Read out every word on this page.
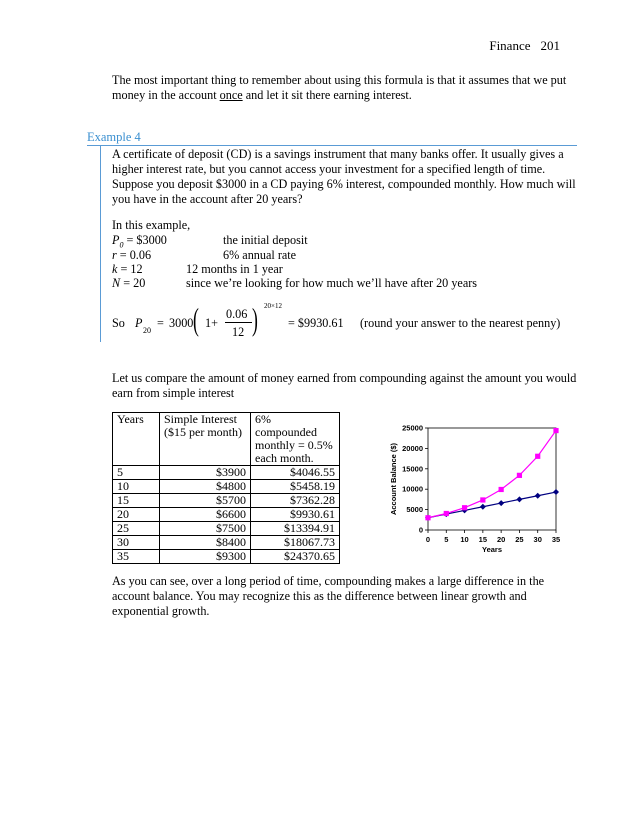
Finance 201
The most important thing to remember about using this formula is that it assumes that we put money in the account once and let it sit there earning interest.
Example 4
A certificate of deposit (CD) is a savings instrument that many banks offer. It usually gives a higher interest rate, but you cannot access your investment for a specified length of time. Suppose you deposit $3000 in a CD paying 6% interest, compounded monthly. How much will you have in the account after 20 years?
In this example,
$P_0$ = $3000	the initial deposit
r = 0.06	6% annual rate
k = 12	12 months in 1 year
N = 20	since we’re looking for how much we’ll have after 20 years
So P
20
= 3000 ( 1+
0.06
12 ) 20×12
= $9930.61 (round your answer to the nearest penny)
Let us compare the amount of money earned from compounding against the amount you would earn from simple interest
Years	Simple Interest ($15 per month)	6% compounded monthly = 0.5% each month.
5	$3900	$4046.55
10	$4800	$5458.19
15	$5700	$7362.28
20	$6600	$9930.61
25	$7500	$13394.91
30	$8400	$18067.73
35	$9300	$24370.65
0
5000
10000
15000
20000
25000
0 5 10 15 20 25 30 35
Account Balance ($)
Years
As you can see, over a long period of time, compounding makes a large difference in the account balance. You may recognize this as the difference between linear growth and exponential growth.
